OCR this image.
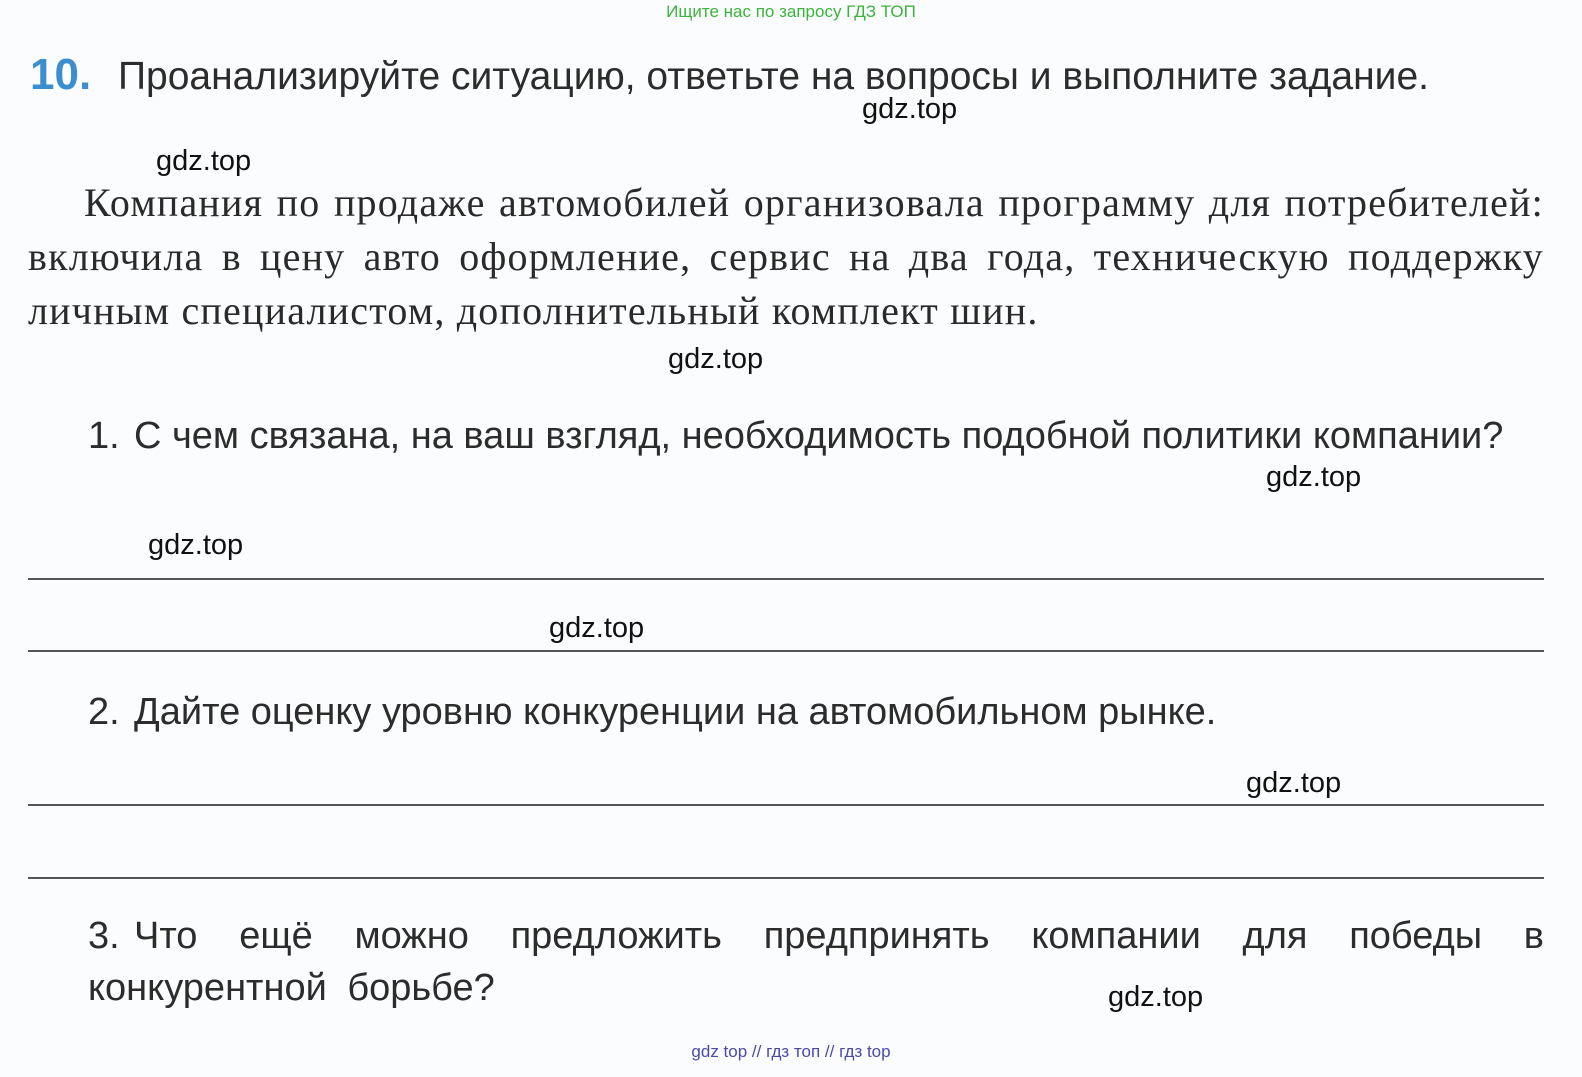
Ищите нас по запросу ГДЗ ТОП
10. Проанализируйте ситуацию, ответьте на вопросы и выполните задание.

Компания по продаже автомобилей организовала программу для потребителей: включила в цену авто оформление, сервис на два года, техническую поддержку личным специалистом, дополнительный комплект шин.

1. С чем связана, на ваш взгляд, необходимость подобной политики компании?

2. Дайте оценку уровню конкуренции на автомобильном рынке.

3. Что ещё можно предложить предпринять компании для победы в конкурентной борьбе?

gdz.top
gdz.top
gdz.top
gdz.top
gdz.top
gdz.top
gdz.top
gdz.top
gdz top // гдз топ // гдз top
